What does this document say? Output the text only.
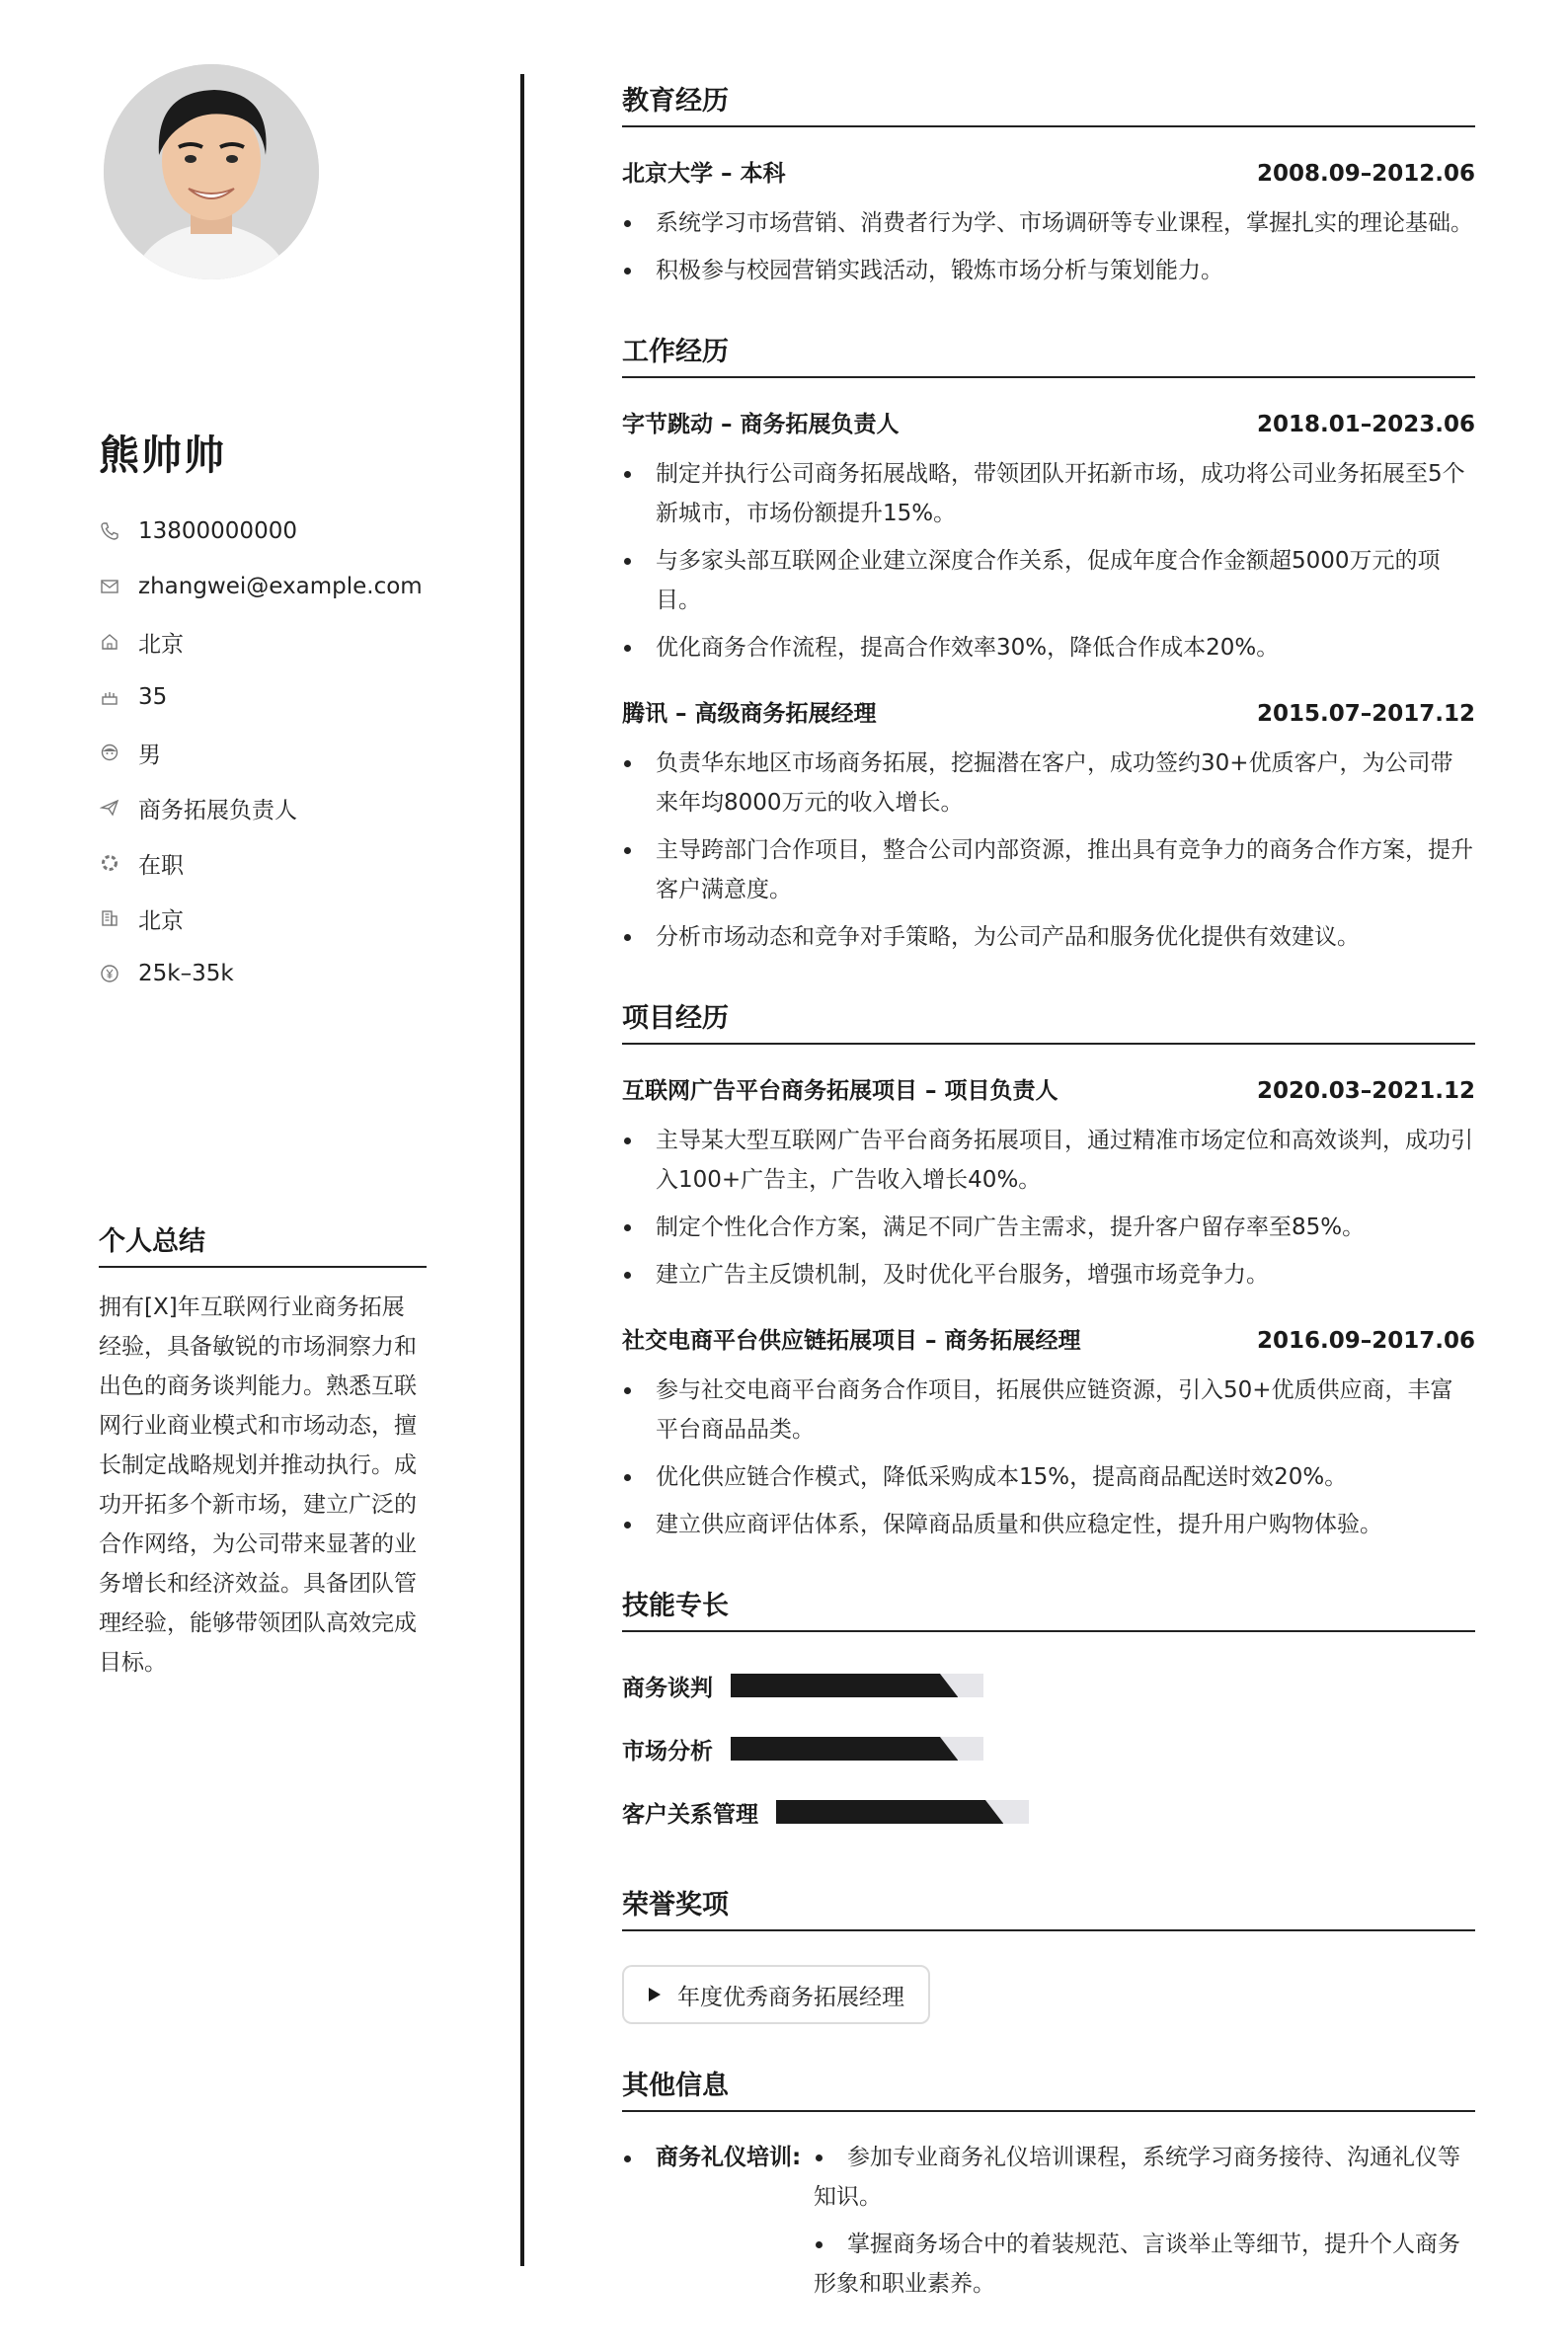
熊帅帅
13800000000
zhangwei@example.com
北京
35
男
商务拓展负责人
在职
北京
25k–35k
个人总结

拥有[X]年互联网行业商务拓展经验，具备敏锐的市场洞察力和出色的商务谈判能力。熟悉互联网行业商业模式和市场动态，擅长制定战略规划并推动执行。成功开拓多个新市场，建立广泛的合作网络，为公司带来显著的业务增长和经济效益。具备团队管理经验，能够带领团队高效完成目标。

教育经历
北京大学 – 本科	2008.09–2012.06
系统学习市场营销、消费者行为学、市场调研等专业课程，掌握扎实的理论基础。
积极参与校园营销实践活动，锻炼市场分析与策划能力。
工作经历
字节跳动 – 商务拓展负责人	2018.01–2023.06
制定并执行公司商务拓展战略，带领团队开拓新市场，成功将公司业务拓展至5个新城市，市场份额提升15%。
与多家头部互联网企业建立深度合作关系，促成年度合作金额超5000万元的项目。
优化商务合作流程，提高合作效率30%，降低合作成本20%。
腾讯 – 高级商务拓展经理	2015.07–2017.12
负责华东地区市场商务拓展，挖掘潜在客户，成功签约30+优质客户，为公司带来年均8000万元的收入增长。
主导跨部门合作项目，整合公司内部资源，推出具有竞争力的商务合作方案，提升客户满意度。
分析市场动态和竞争对手策略，为公司产品和服务优化提供有效建议。
项目经历
互联网广告平台商务拓展项目 – 项目负责人	2020.03–2021.12
主导某大型互联网广告平台商务拓展项目，通过精准市场定位和高效谈判，成功引入100+广告主，广告收入增长40%。
制定个性化合作方案，满足不同广告主需求，提升客户留存率至85%。
建立广告主反馈机制，及时优化平台服务，增强市场竞争力。
社交电商平台供应链拓展项目 – 商务拓展经理	2016.09–2017.06
参与社交电商平台商务合作项目，拓展供应链资源，引入50+优质供应商，丰富平台商品品类。
优化供应链合作模式，降低采购成本15%，提高商品配送时效20%。
建立供应商评估体系，保障商品质量和供应稳定性，提升用户购物体验。
技能专长
商务谈判
市场分析
客户关系管理
荣誉奖项
年度优秀商务拓展经理
其他信息
商务礼仪培训:	参加专业商务礼仪培训课程，系统学习商务接待、沟通礼仪等知识。
掌握商务场合中的着装规范、言谈举止等细节，提升个人商务形象和职业素养。
